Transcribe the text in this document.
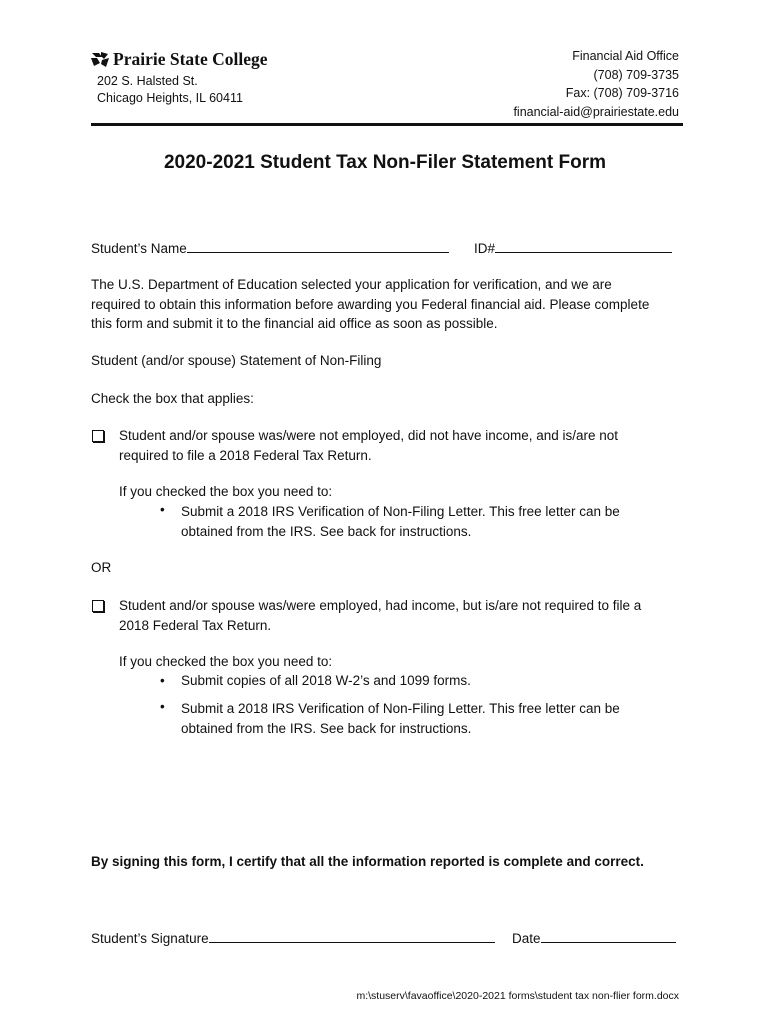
Prairie State College
202 S. Halsted St.
Chicago Heights, IL 60411
Financial Aid Office
(708) 709-3735
Fax: (708) 709-3716
financial-aid@prairiestate.edu
2020-2021 Student Tax Non-Filer Statement Form
Student’s Name	ID#
The U.S. Department of Education selected your application for verification, and we are
required to obtain this information before awarding you Federal financial aid. Please complete
this form and submit it to the financial aid office as soon as possible.
Student (and/or spouse) Statement of Non-Filing
Check the box that applies:
Student and/or spouse was/were not employed, did not have income, and is/are not
required to file a 2018 Federal Tax Return.
If you checked the box you need to:
• Submit a 2018 IRS Verification of Non-Filing Letter. This free letter can be
obtained from the IRS. See back for instructions.
OR
Student and/or spouse was/were employed, had income, but is/are not required to file a
2018 Federal Tax Return.
If you checked the box you need to:
• Submit copies of all 2018 W-2’s and 1099 forms.
• Submit a 2018 IRS Verification of Non-Filing Letter. This free letter can be
obtained from the IRS. See back for instructions.
By signing this form, I certify that all the information reported is complete and correct.
Student’s Signature	Date
m:\stuserv\favaoffice\2020-2021 forms\student tax non-flier form.docx
